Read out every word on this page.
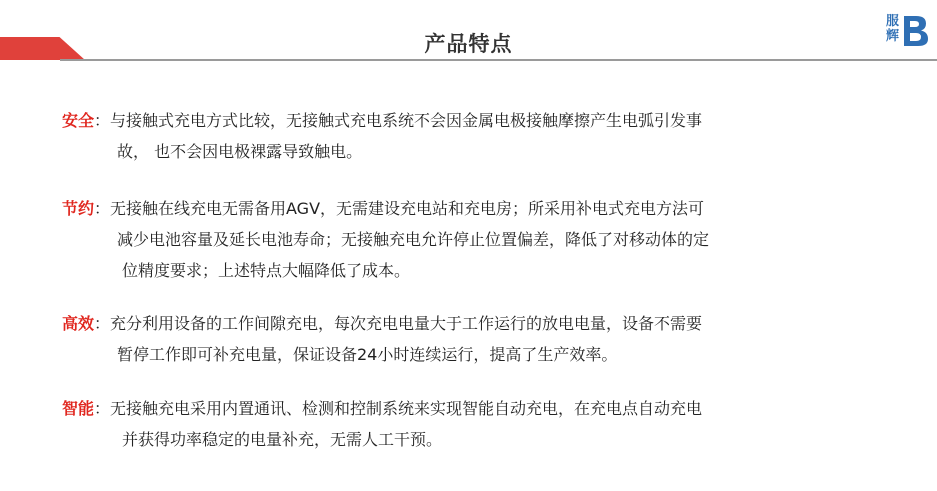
产品特点
服
辉
安全：与接触式充电方式比较，无接触式充电系统不会因金属电极接触摩擦产生电弧引发事
故， 也不会因电极裸露导致触电。
节约：无接触在线充电无需备用AGV，无需建设充电站和充电房；所采用补电式充电方法可
减少电池容量及延长电池寿命；无接触充电允许停止位置偏差，降低了对移动体的定
位精度要求；上述特点大幅降低了成本。
高效：充分利用设备的工作间隙充电，每次充电电量大于工作运行的放电电量，设备不需要
暂停工作即可补充电量，保证设备24小时连续运行，提高了生产效率。
智能：无接触充电采用内置通讯、检测和控制系统来实现智能自动充电，在充电点自动充电
并获得功率稳定的电量补充，无需人工干预。
